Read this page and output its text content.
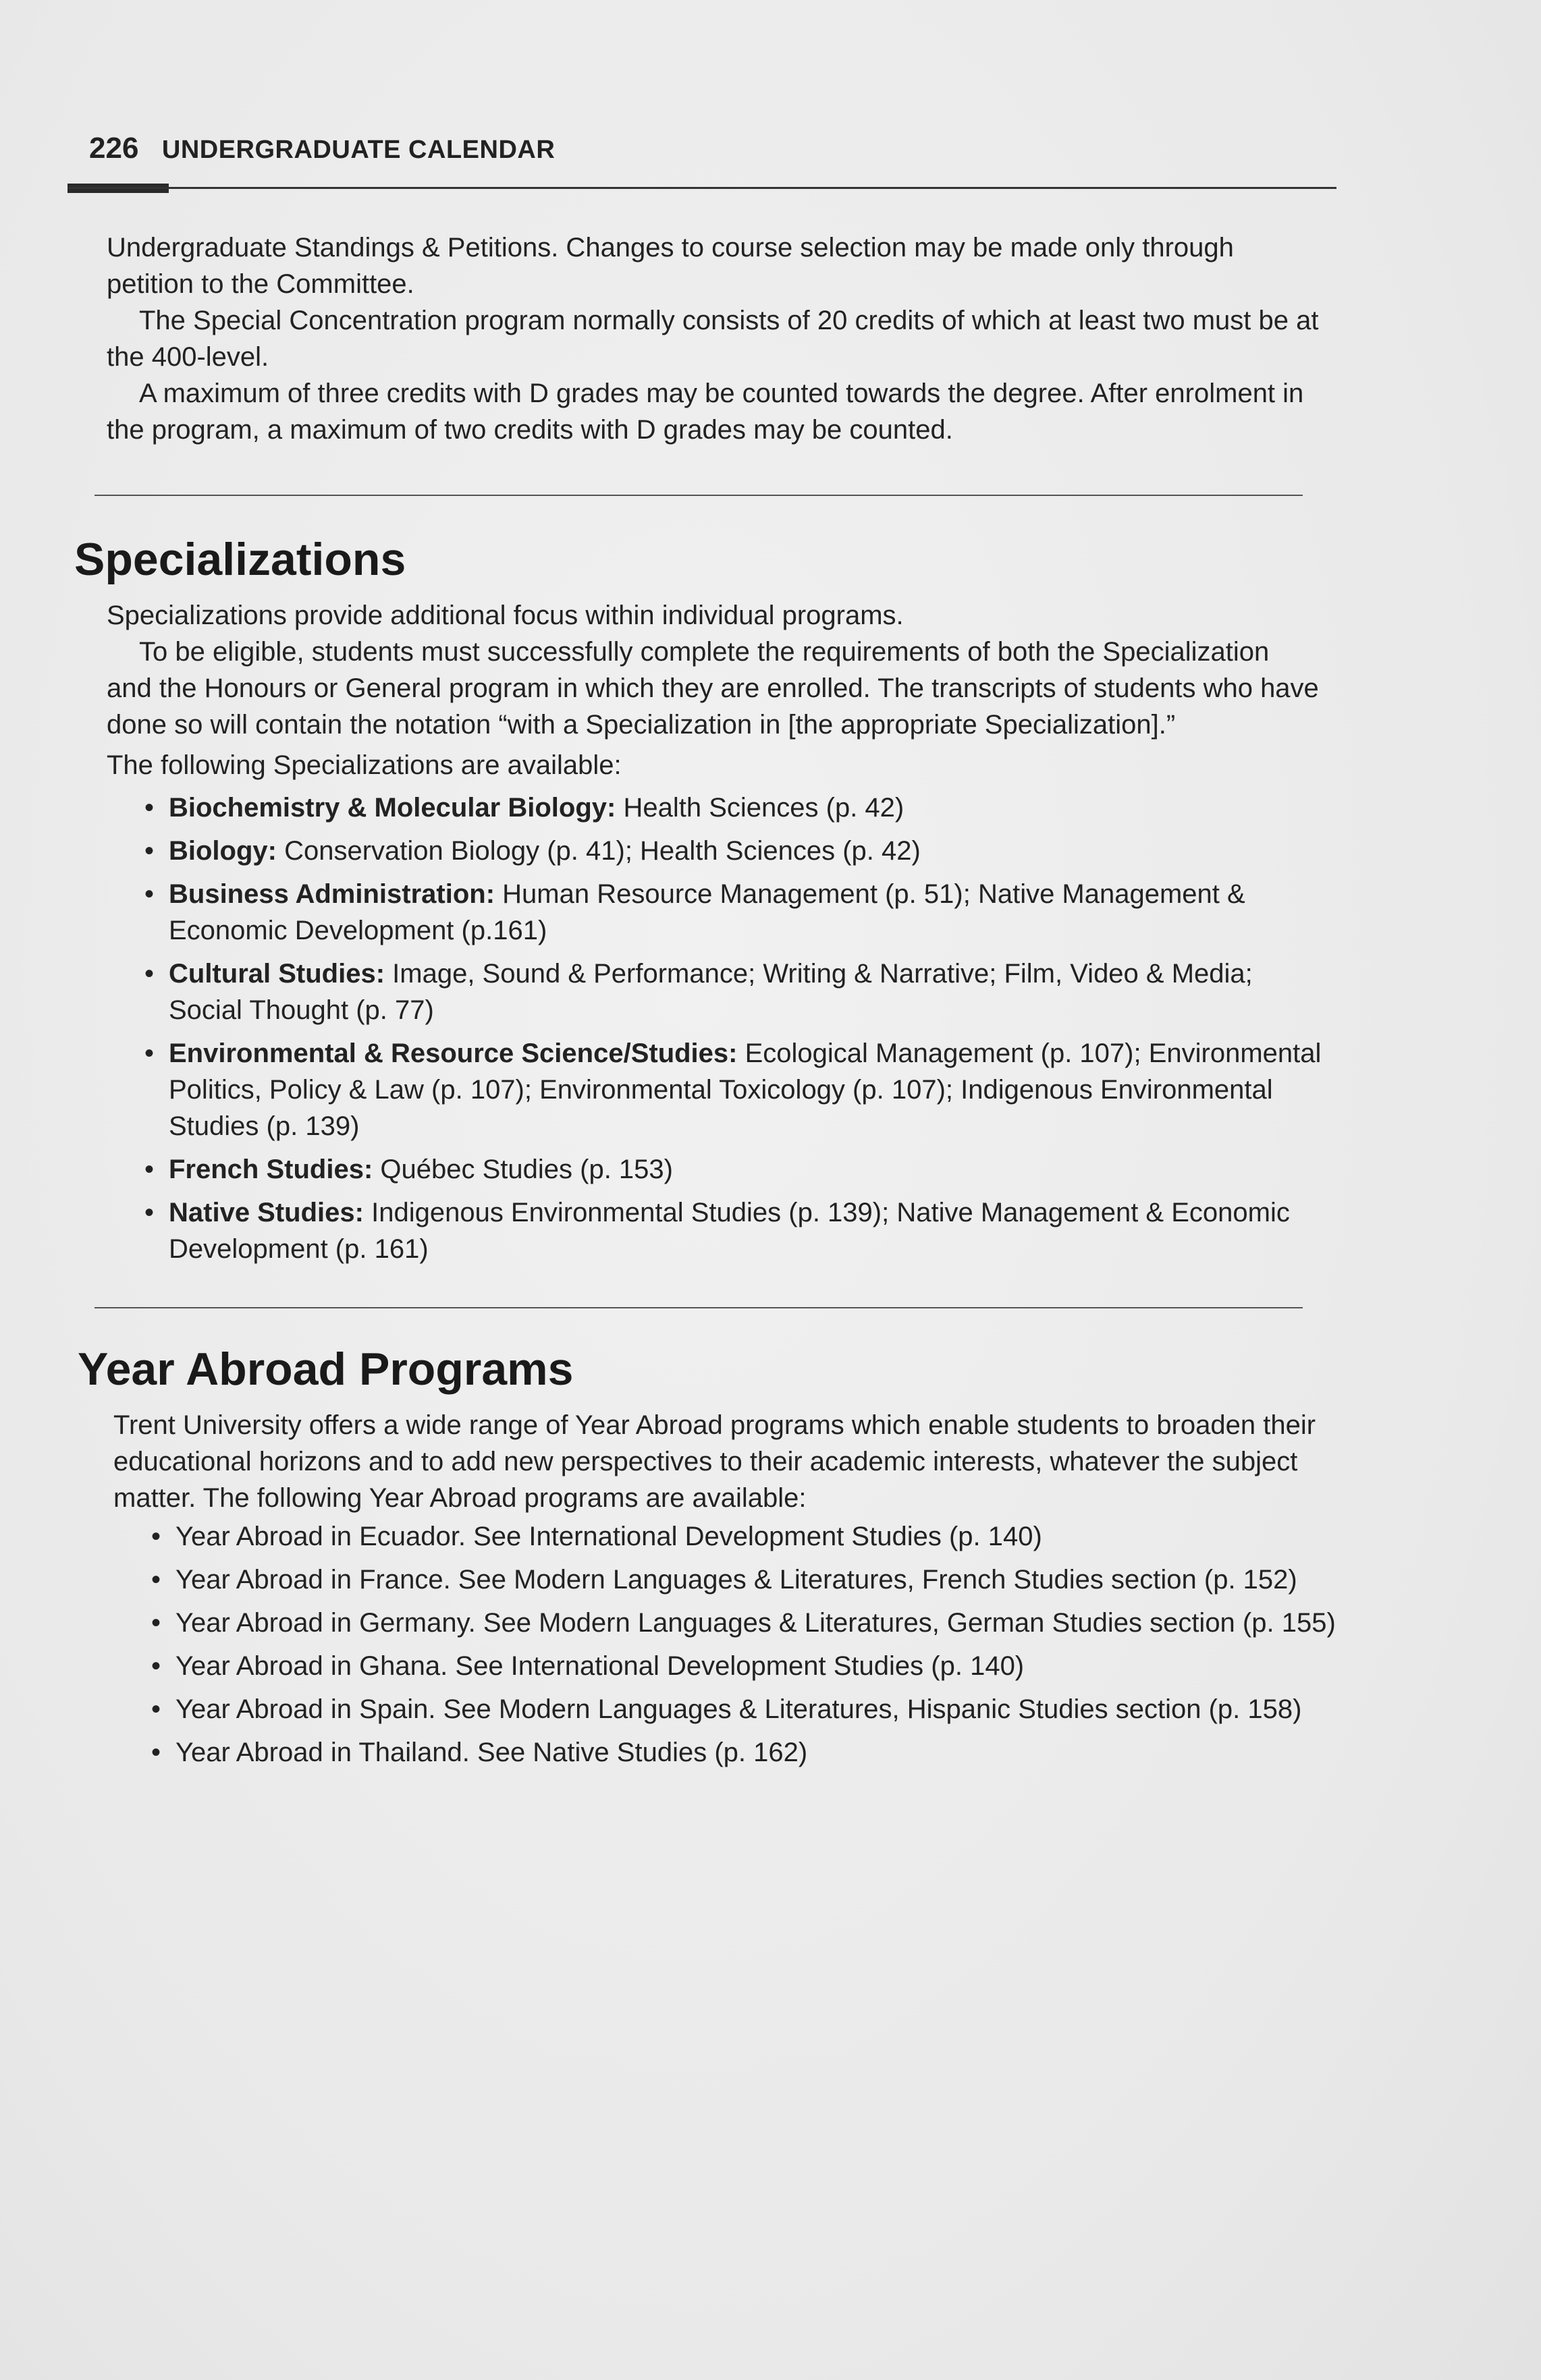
226 UNDERGRADUATE CALENDAR

Undergraduate Standings & Petitions. Changes to course selection may be made only through petition to the Committee.

The Special Concentration program normally consists of 20 credits of which at least two must be at the 400-level.

A maximum of three credits with D grades may be counted towards the degree. After enrolment in the program, a maximum of two credits with D grades may be counted.

Specializations

Specializations provide additional focus within individual programs.

To be eligible, students must successfully complete the requirements of both the Specialization and the Honours or General program in which they are enrolled. The transcripts of students who have done so will contain the notation “with a Specialization in [the appropriate Specialization].”

The following Specializations are available:

• Biochemistry & Molecular Biology: Health Sciences (p. 42)
• Biology: Conservation Biology (p. 41); Health Sciences (p. 42)
• Business Administration: Human Resource Management (p. 51); Native Management & Economic Development (p.161)
• Cultural Studies: Image, Sound & Performance; Writing & Narrative; Film, Video & Media; Social Thought (p. 77)
• Environmental & Resource Science/Studies: Ecological Management (p. 107); Environmental Politics, Policy & Law (p. 107); Environmental Toxicology (p. 107); Indigenous Environmental Studies (p. 139)
• French Studies: Québec Studies (p. 153)
• Native Studies: Indigenous Environmental Studies (p. 139); Native Management & Economic Development (p. 161)
Year Abroad Programs

Trent University offers a wide range of Year Abroad programs which enable students to broaden their educational horizons and to add new perspectives to their academic interests, whatever the subject matter. The following Year Abroad programs are available:

• Year Abroad in Ecuador. See International Development Studies (p. 140)
• Year Abroad in France. See Modern Languages & Literatures, French Studies section (p. 152)
• Year Abroad in Germany. See Modern Languages & Literatures, German Studies section (p. 155)
• Year Abroad in Ghana. See International Development Studies (p. 140)
• Year Abroad in Spain. See Modern Languages & Literatures, Hispanic Studies section (p. 158)
• Year Abroad in Thailand. See Native Studies (p. 162)
